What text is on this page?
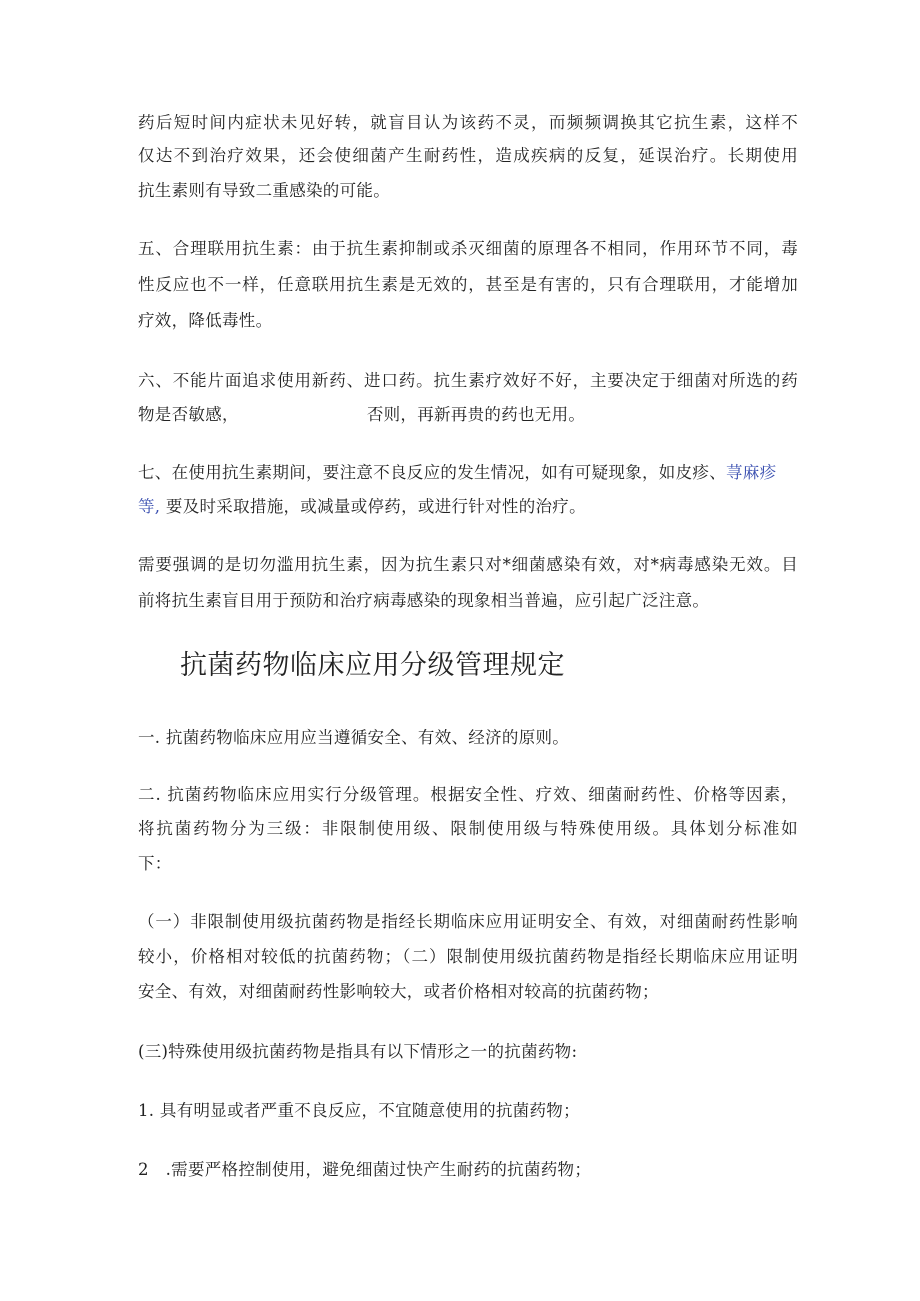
药后短时间内症状未见好转，就盲目认为该药不灵，而频频调换其它抗生素，这样不
仅达不到治疗效果，还会使细菌产生耐药性，造成疾病的反复，延误治疗。长期使用
抗生素则有导致二重感染的可能。
五、合理联用抗生素：由于抗生素抑制或杀灭细菌的原理各不相同，作用环节不同，毒
性反应也不一样，任意联用抗生素是无效的，甚至是有害的，只有合理联用，才能增加
疗效，降低毒性。
六、不能片面追求使用新药、进口药。抗生素疗效好不好，主要决定于细菌对所选的药
物是否敏感，	否则，再新再贵的药也无用。
七、在使用抗生素期间，要注意不良反应的发生情况，如有可疑现象，如皮疹、荨麻疹
等, 要及时采取措施，或减量或停药，或进行针对性的治疗。
需要强调的是切勿滥用抗生素，因为抗生素只对*细菌感染有效，对*病毒感染无效。目
前将抗生素盲目用于预防和治疗病毒感染的现象相当普遍，应引起广泛注意。
抗菌药物临床应用分级管理规定
一. 抗菌药物临床应用应当遵循安全、有效、经济的原则。
二. 抗菌药物临床应用实行分级管理。根据安全性、疗效、细菌耐药性、价格等因素，
将抗菌药物分为三级：非限制使用级、限制使用级与特殊使用级。具体划分标准如
下：
（一）非限制使用级抗菌药物是指经长期临床应用证明安全、有效，对细菌耐药性影响
较小，价格相对较低的抗菌药物；（二）限制使用级抗菌药物是指经长期临床应用证明
安全、有效，对细菌耐药性影响较大，或者价格相对较高的抗菌药物；
(三)特殊使用级抗菌药物是指具有以下情形之一的抗菌药物:
1. 具有明显或者严重不良反应，不宜随意使用的抗菌药物；
2　.需要严格控制使用，避免细菌过快产生耐药的抗菌药物；
